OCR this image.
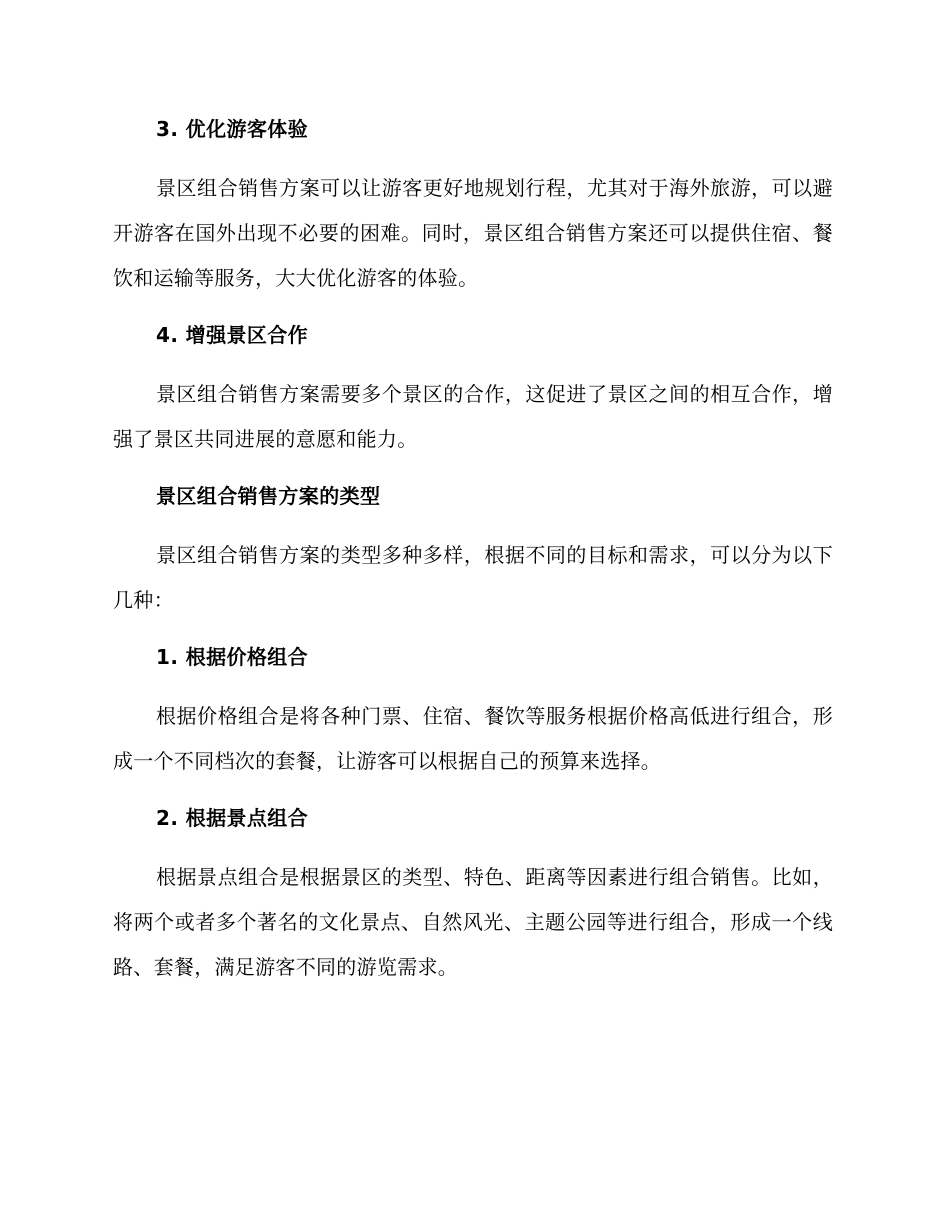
3. 优化游客体验

景区组合销售方案可以让游客更好地规划行程，尤其对于海外旅游，可以避开游客在国外出现不必要的困难。同时，景区组合销售方案还可以提供住宿、餐饮和运输等服务，大大优化游客的体验。

4. 增强景区合作

景区组合销售方案需要多个景区的合作，这促进了景区之间的相互合作，增强了景区共同进展的意愿和能力。

景区组合销售方案的类型

景区组合销售方案的类型多种多样，根据不同的目标和需求，可以分为以下几种：

1. 根据价格组合

根据价格组合是将各种门票、住宿、餐饮等服务根据价格高低进行组合，形成一个不同档次的套餐，让游客可以根据自己的预算来选择。

2. 根据景点组合

根据景点组合是根据景区的类型、特色、距离等因素进行组合销售。比如，将两个或者多个著名的文化景点、自然风光、主题公园等进行组合，形成一个线路、套餐，满足游客不同的游览需求。
